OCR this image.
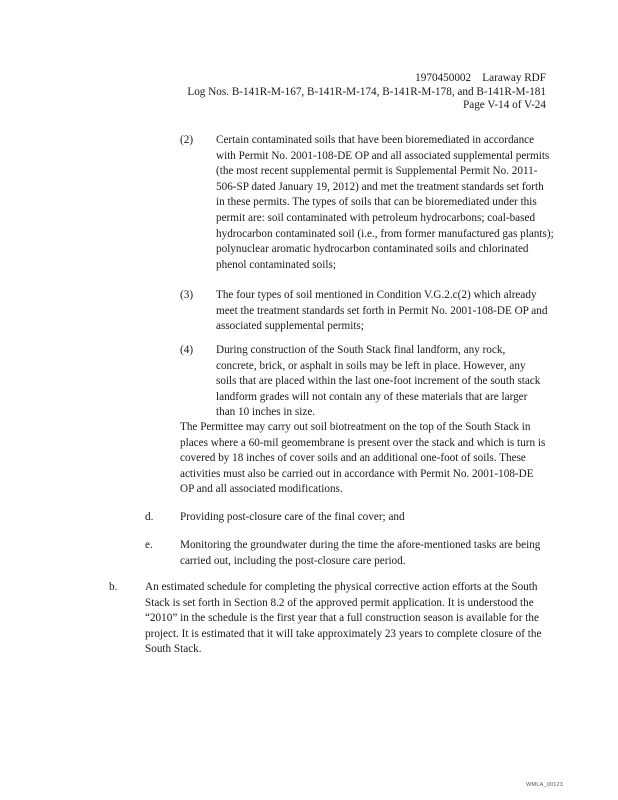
1970450002    Laraway RDF
Log Nos. B-141R-M-167, B-141R-M-174, B-141R-M-178, and B-141R-M-181
Page V-14 of V-24
(2) Certain contaminated soils that have been bioremediated in accordance with Permit No. 2001-108-DE OP and all associated supplemental permits (the most recent supplemental permit is Supplemental Permit No. 2011-506-SP dated January 19, 2012) and met the treatment standards set forth in these permits. The types of soils that can be bioremediated under this permit are: soil contaminated with petroleum hydrocarbons; coal-based hydrocarbon contaminated soil (i.e., from former manufactured gas plants); polynuclear aromatic hydrocarbon contaminated soils and chlorinated phenol contaminated soils;
(3) The four types of soil mentioned in Condition V.G.2.c(2) which already meet the treatment standards set forth in Permit No. 2001-108-DE OP and associated supplemental permits;
(4) During construction of the South Stack final landform, any rock, concrete, brick, or asphalt in soils may be left in place. However, any soils that are placed within the last one-foot increment of the south stack landform grades will not contain any of these materials that are larger than 10 inches in size.
The Permittee may carry out soil biotreatment on the top of the South Stack in places where a 60-mil geomembrane is present over the stack and which is turn is covered by 18 inches of cover soils and an additional one-foot of soils. These activities must also be carried out in accordance with Permit No. 2001-108-DE OP and all associated modifications.
d. Providing post-closure care of the final cover; and
e. Monitoring the groundwater during the time the afore-mentioned tasks are being carried out, including the post-closure care period.
b. An estimated schedule for completing the physical corrective action efforts at the South Stack is set forth in Section 8.2 of the approved permit application. It is understood the “2010” in the schedule is the first year that a full construction season is available for the project. It is estimated that it will take approximately 23 years to complete closure of the South Stack.
WMLA_00123
